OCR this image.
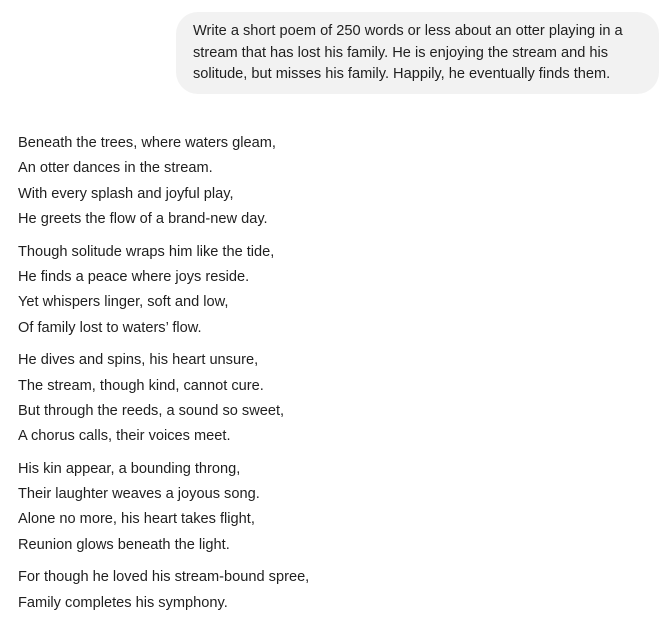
Write a short poem of 250 words or less about an otter playing in a
stream that has lost his family. He is enjoying the stream and his
solitude, but misses his family. Happily, he eventually finds them.
Beneath the trees, where waters gleam,
An otter dances in the stream.
With every splash and joyful play,
He greets the flow of a brand-new day.
Though solitude wraps him like the tide,
He finds a peace where joys reside.
Yet whispers linger, soft and low,
Of family lost to waters’ flow.
He dives and spins, his heart unsure,
The stream, though kind, cannot cure.
But through the reeds, a sound so sweet,
A chorus calls, their voices meet.
His kin appear, a bounding throng,
Their laughter weaves a joyous song.
Alone no more, his heart takes flight,
Reunion glows beneath the light.
For though he loved his stream-bound spree,
Family completes his symphony.
